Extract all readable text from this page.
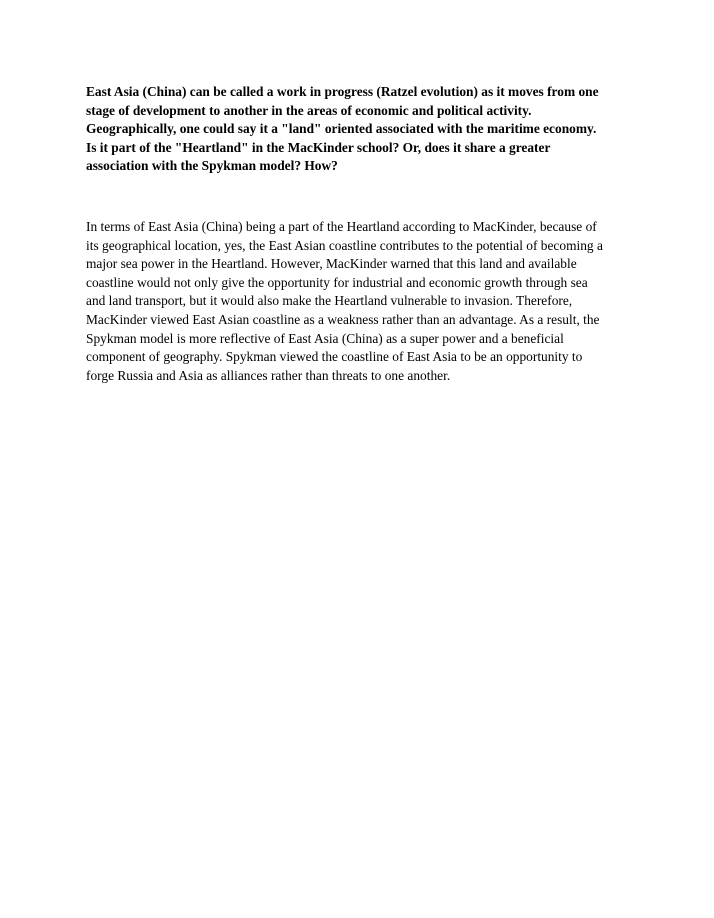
East Asia (China) can be called a work in progress (Ratzel evolution) as it moves from one
stage of development to another in the areas of economic and political activity.
Geographically, one could say it a "land" oriented associated with the maritime economy.
Is it part of the "Heartland" in the MacKinder school? Or, does it share a greater
association with the Spykman model? How?

In terms of East Asia (China) being a part of the Heartland according to MacKinder, because of
its geographical location, yes, the East Asian coastline contributes to the potential of becoming a
major sea power in the Heartland. However, MacKinder warned that this land and available
coastline would not only give the opportunity for industrial and economic growth through sea
and land transport, but it would also make the Heartland vulnerable to invasion. Therefore,
MacKinder viewed East Asian coastline as a weakness rather than an advantage. As a result, the
Spykman model is more reflective of East Asia (China) as a super power and a beneficial
component of geography. Spykman viewed the coastline of East Asia to be an opportunity to
forge Russia and Asia as alliances rather than threats to one another.
